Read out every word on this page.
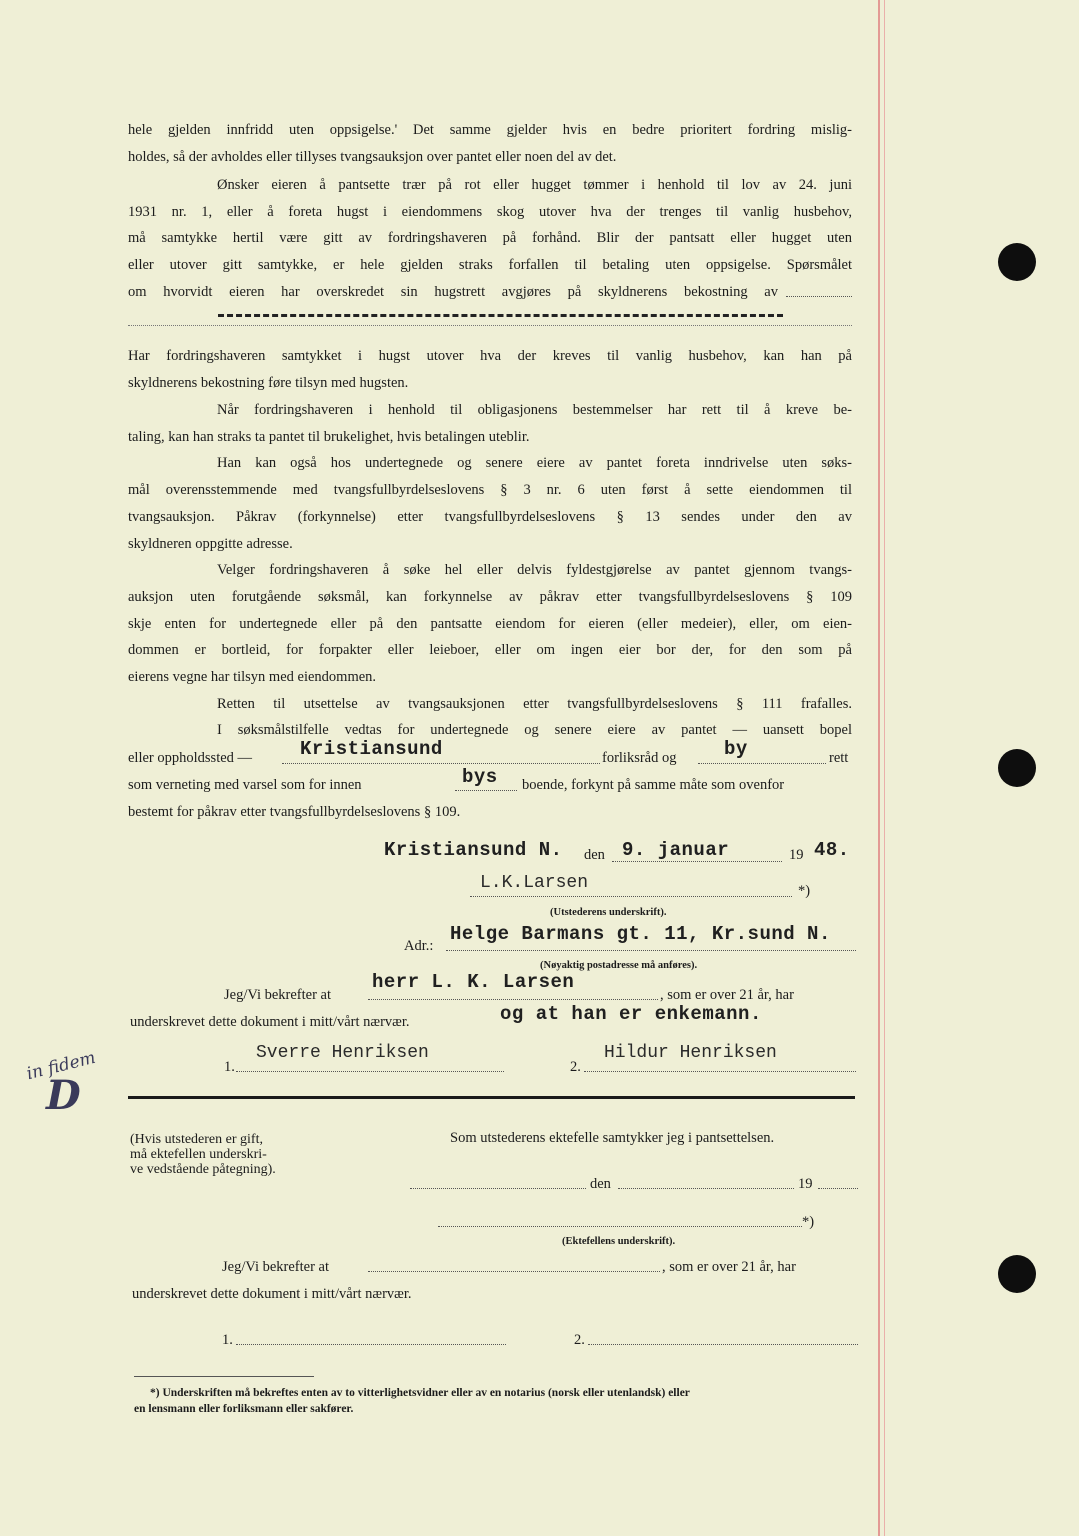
hele gjelden innfridd uten oppsigelse.' Det samme gjelder hvis en bedre prioritert fordring mislig-
holdes, så der avholdes eller tillyses tvangsauksjon over pantet eller noen del av det.
Ønsker eieren å pantsette trær på rot eller hugget tømmer i henhold til lov av 24. juni
1931 nr. 1, eller å foreta hugst i eiendommens skog utover hva der trenges til vanlig husbehov,
må samtykke hertil være gitt av fordringshaveren på forhånd. Blir der pantsatt eller hugget uten
eller utover gitt samtykke, er hele gjelden straks forfallen til betaling uten oppsigelse. Spørsmålet
om hvorvidt eieren har overskredet sin hugstrett avgjøres på skyldnerens bekostning av
Har fordringshaveren samtykket i hugst utover hva der kreves til vanlig husbehov, kan han på
skyldnerens bekostning føre tilsyn med hugsten.
Når fordringshaveren i henhold til obligasjonens bestemmelser har rett til å kreve be-
taling, kan han straks ta pantet til brukelighet, hvis betalingen uteblir.
Han kan også hos undertegnede og senere eiere av pantet foreta inndrivelse uten søks-
mål overensstemmende med tvangsfullbyrdelseslovens § 3 nr. 6 uten først å sette eiendommen til
tvangsauksjon. Påkrav (forkynnelse) etter tvangsfullbyrdelseslovens § 13 sendes under den av
skyldneren oppgitte adresse.
Velger fordringshaveren å søke hel eller delvis fyldestgjørelse av pantet gjennom tvangs-
auksjon uten forutgående søksmål, kan forkynnelse av påkrav etter tvangsfullbyrdelseslovens § 109
skje enten for undertegnede eller på den pantsatte eiendom for eieren (eller medeier), eller, om eien-
dommen er bortleid, for forpakter eller leieboer, eller om ingen eier bor der, for den som på
eierens vegne har tilsyn med eiendommen.
Retten til utsettelse av tvangsauksjonen etter tvangsfullbyrdelseslovens § 111 frafalles.
I søksmålstilfelle vedtas for undertegnede og senere eiere av pantet — uansett bopel
eller oppholdssted —	Kristiansund	forliksråd og	by	rett
som verneting med varsel som for innen	bys boende, forkynt på samme måte som ovenfor
bestemt for påkrav etter tvangsfullbyrdelseslovens § 109.
Kristiansund N. den 9. januar	19 48.
L.K.Larsen	*)
(Utstederens underskrift).
Adr.:
Helge Barmans gt. 11, Kr.sund N.
(Nøyaktig postadresse må anføres).
Jeg/Vi bekrefter at
herr L. K. Larsen
, som er over 21 år, har
underskrevet dette dokument i mitt/vårt nærvær.	og at han er enkemann.
1.
Sverre Henriksen
2.
Hildur Henriksen
in fidem
D
(Hvis utstederen er gift,
må ektefellen underskri-
ve vedstående påtegning).
Som utstederens ektefelle samtykker jeg i pantsettelsen.
den	19
*)
(Ektefellens underskrift).
Jeg/Vi bekrefter at	, som er over 21 år, har
underskrevet dette dokument i mitt/vårt nærvær.
1.	2.
*) Underskriften må bekreftes enten av to vitterlighetsvidner eller av en notarius (norsk eller utenlandsk) eller
en lensmann eller forliksmann eller sakfører.
